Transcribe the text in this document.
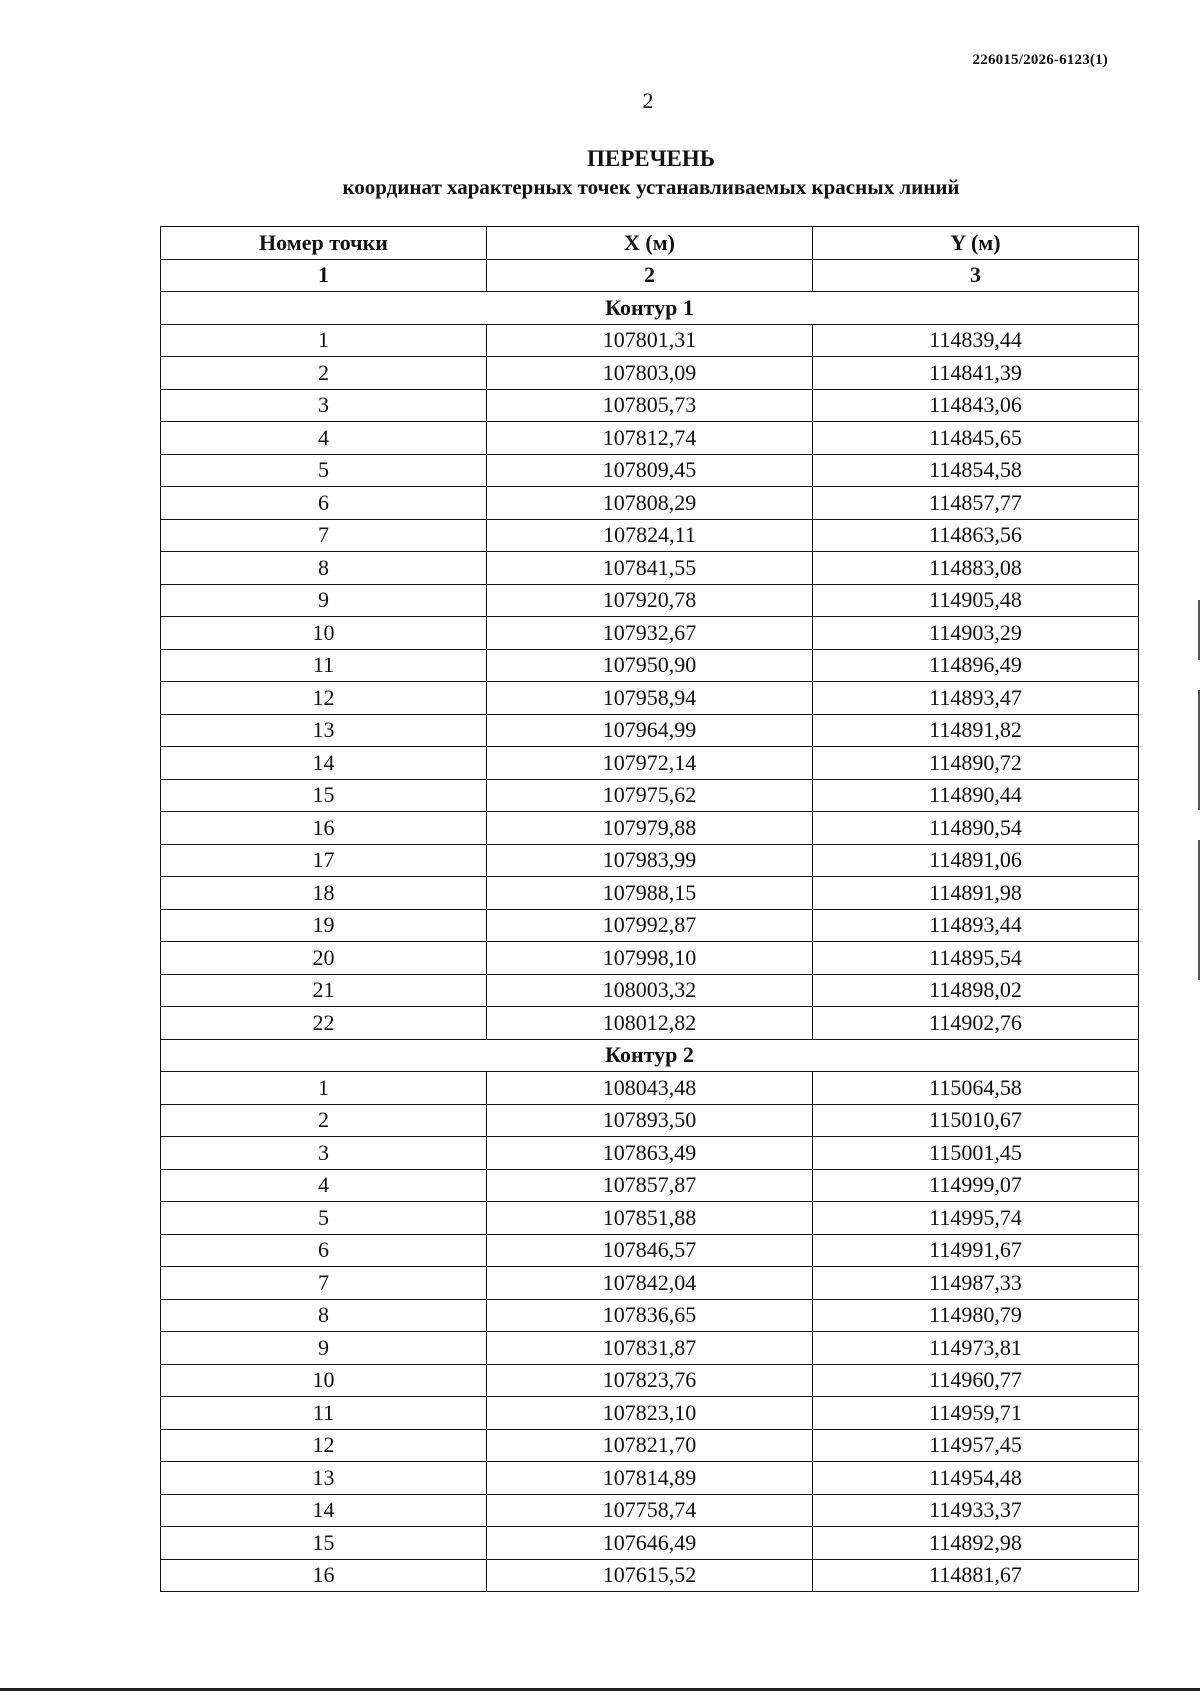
226015/2026-6123(1)
2
ПЕРЕЧЕНЬ
координат характерных точек устанавливаемых красных линий
Номер точки	X (м)	Y (м)
1	2	3
Контур 1		
1	107801,31	114839,44
2	107803,09	114841,39
3	107805,73	114843,06
4	107812,74	114845,65
5	107809,45	114854,58
6	107808,29	114857,77
7	107824,11	114863,56
8	107841,55	114883,08
9	107920,78	114905,48
10	107932,67	114903,29
11	107950,90	114896,49
12	107958,94	114893,47
13	107964,99	114891,82
14	107972,14	114890,72
15	107975,62	114890,44
16	107979,88	114890,54
17	107983,99	114891,06
18	107988,15	114891,98
19	107992,87	114893,44
20	107998,10	114895,54
21	108003,32	114898,02
22	108012,82	114902,76
Контур 2		
1	108043,48	115064,58
2	107893,50	115010,67
3	107863,49	115001,45
4	107857,87	114999,07
5	107851,88	114995,74
6	107846,57	114991,67
7	107842,04	114987,33
8	107836,65	114980,79
9	107831,87	114973,81
10	107823,76	114960,77
11	107823,10	114959,71
12	107821,70	114957,45
13	107814,89	114954,48
14	107758,74	114933,37
15	107646,49	114892,98
16	107615,52	114881,67
